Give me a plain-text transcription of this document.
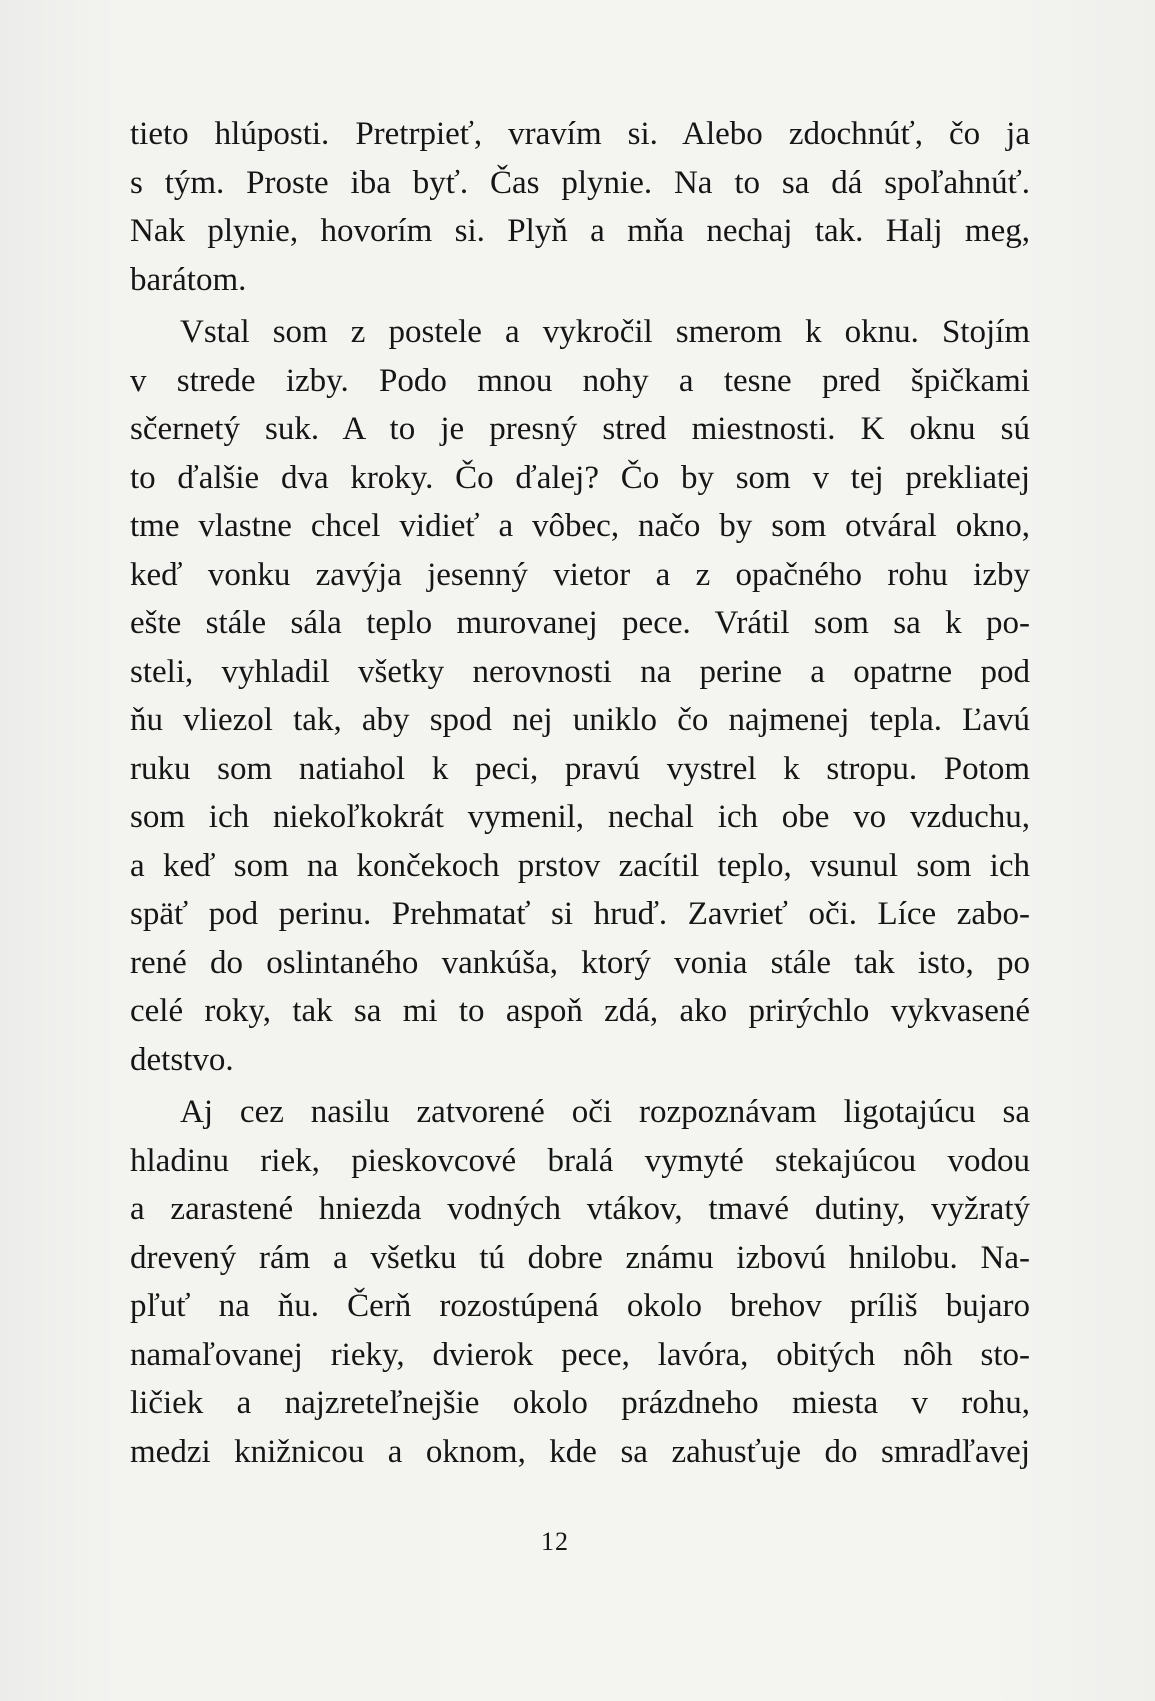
tieto hlúposti. Pretrpieť, vravím si. Alebo zdochnúť, čo ja
s tým. Proste iba byť. Čas plynie. Na to sa dá spoľahnúť.
Nak plynie, hovorím si. Plyň a mňa nechaj tak. Halj meg,
barátom.

Vstal som z postele a vykročil smerom k oknu. Stojím
v strede izby. Podo mnou nohy a tesne pred špičkami
sčernetý suk. A to je presný stred miestnosti. K oknu sú
to ďalšie dva kroky. Čo ďalej? Čo by som v tej prekliatej
tme vlastne chcel vidieť a vôbec, načo by som otváral okno,
keď vonku zavýja jesenný vietor a z opačného rohu izby
ešte stále sála teplo murovanej pece. Vrátil som sa k po-
steli, vyhladil všetky nerovnosti na perine a opatrne pod
ňu vliezol tak, aby spod nej uniklo čo najmenej tepla. Ľavú
ruku som natiahol k peci, pravú vystrel k stropu. Potom
som ich niekoľkokrát vymenil, nechal ich obe vo vzduchu,
a keď som na končekoch prstov zacítil teplo, vsunul som ich
späť pod perinu. Prehmatať si hruď. Zavrieť oči. Líce zabo-
rené do oslintaného vankúša, ktorý vonia stále tak isto, po
celé roky, tak sa mi to aspoň zdá, ako prirýchlo vykvasené
detstvo.

Aj cez nasilu zatvorené oči rozpoznávam ligotajúcu sa
hladinu riek, pieskovcové bralá vymyté stekajúcou vodou
a zarastené hniezda vodných vtákov, tmavé dutiny, vyžratý
drevený rám a všetku tú dobre známu izbovú hnilobu. Na-
pľuť na ňu. Čerň rozostúpená okolo brehov príliš bujaro
namaľovanej rieky, dvierok pece, lavóra, obitých nôh sto-
ličiek a najzreteľnejšie okolo prázdneho miesta v rohu,
medzi knižnicou a oknom, kde sa zahusťuje do smradľavej

12
